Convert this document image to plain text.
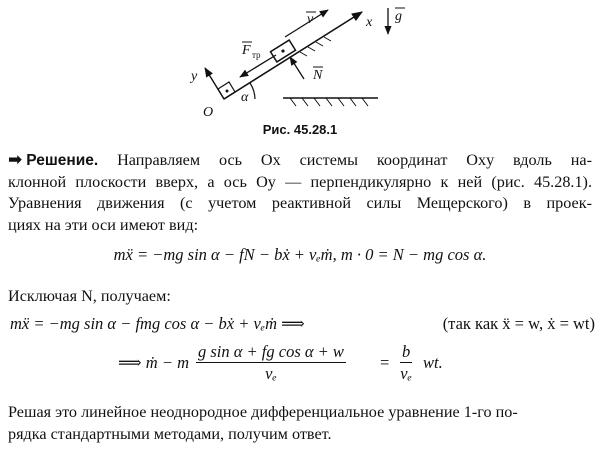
O
x
y
α
v
F тр
N
g
Рис. 45.28.1
➡ Решение. Направляем ось Ox системы координат Oxy вдоль на-
клонной плоскости вверх, а ось Oy — перпендикулярно к ней (рис. 45.28.1).
Уравнения движения (с учетом реактивной силы Мещерского) в проек-
циях на эти оси имеют вид:
mẍ = −mg sin α − fN − bẋ + vₑṁ, m · 0 = N − mg cos α.
Исключая N, получаем:
mẍ = −mg sin α − fmg cos α − bẋ + vₑṁ ⟹	(так как ẍ = w, ẋ = wt)
⟹ ṁ − m $\frac{\text{g sin α + fg cos α + w}}{\text{vₑ}} = \frac{b}{\text{vₑ}}$ wt.
Решая это линейное неоднородное дифференциальное уравнение 1-го по-
рядка стандартными методами, получим ответ.
